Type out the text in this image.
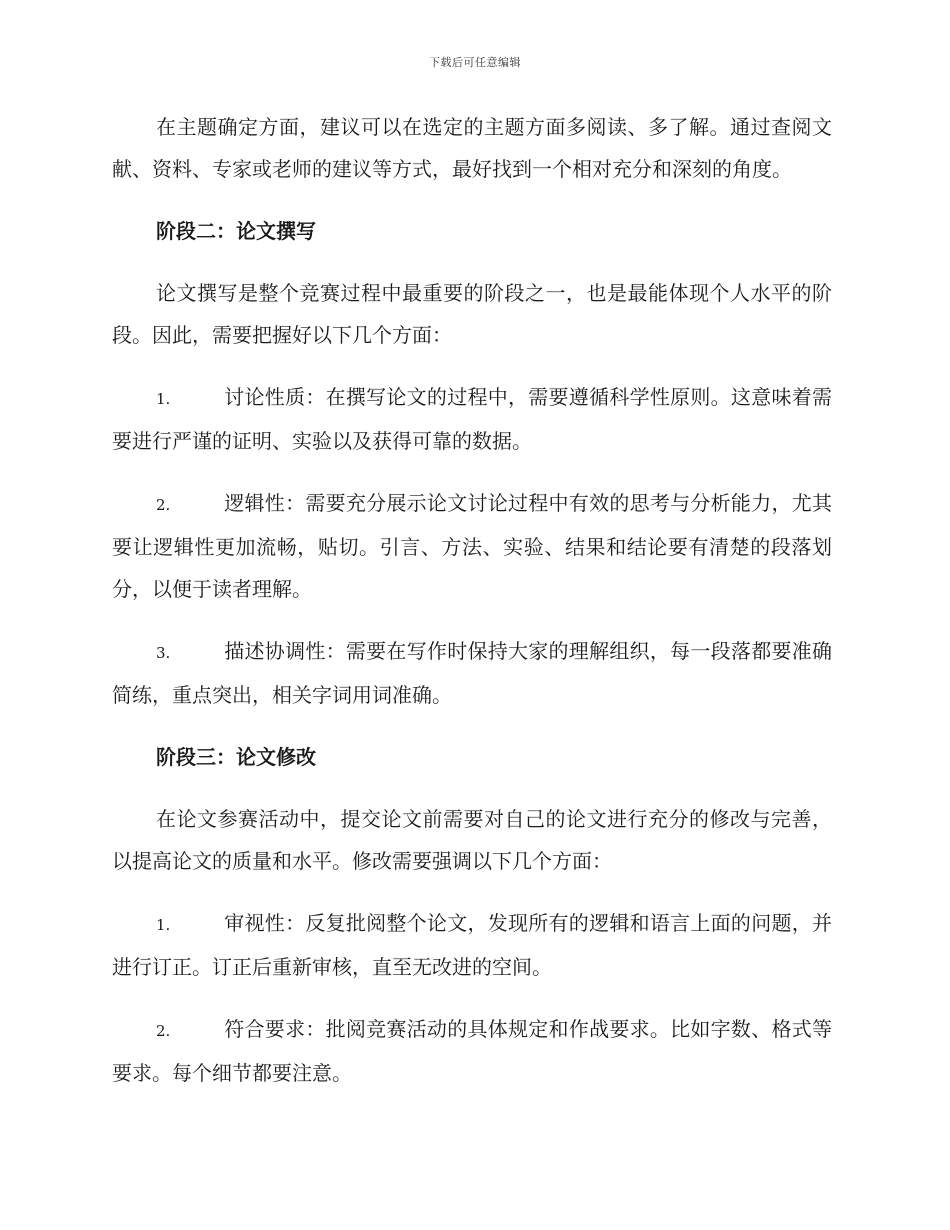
下载后可任意编辑

在主题确定方面，建议可以在选定的主题方面多阅读、多了解。通过查阅文献、资料、专家或老师的建议等方式，最好找到一个相对充分和深刻的角度。

阶段二：论文撰写

论文撰写是整个竞赛过程中最重要的阶段之一，也是最能体现个人水平的阶段。因此，需要把握好以下几个方面：

1.	讨论性质：在撰写论文的过程中，需要遵循科学性原则。这意味着需要进行严谨的证明、实验以及获得可靠的数据。

2.	逻辑性：需要充分展示论文讨论过程中有效的思考与分析能力，尤其要让逻辑性更加流畅，贴切。引言、方法、实验、结果和结论要有清楚的段落划分，以便于读者理解。

3.	描述协调性：需要在写作时保持大家的理解组织，每一段落都要准确简练，重点突出，相关字词用词准确。

阶段三：论文修改

在论文参赛活动中，提交论文前需要对自己的论文进行充分的修改与完善，以提高论文的质量和水平。修改需要强调以下几个方面：

1.	审视性：反复批阅整个论文，发现所有的逻辑和语言上面的问题，并进行订正。订正后重新审核，直至无改进的空间。

2.	符合要求：批阅竞赛活动的具体规定和作战要求。比如字数、格式等要求。每个细节都要注意。
